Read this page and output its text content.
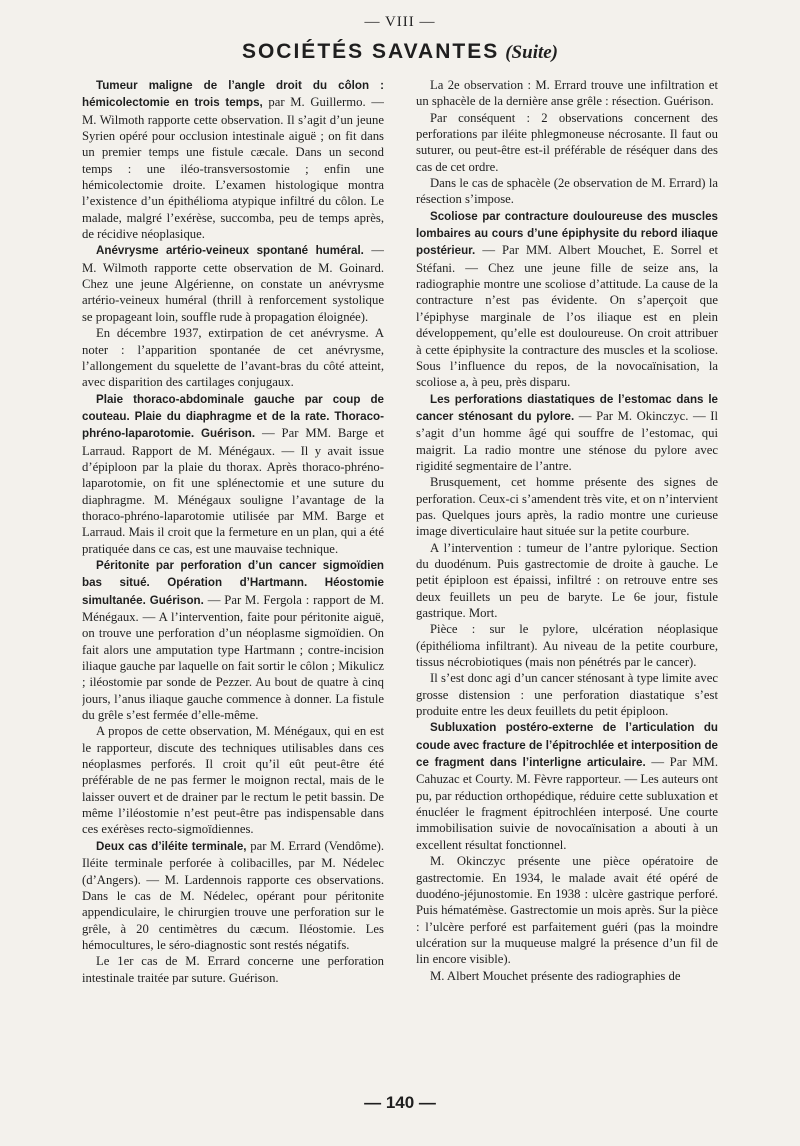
— VIII —
SOCIÉTÉS SAVANTES (Suite)

Tumeur maligne de l’angle droit du côlon : hémicolectomie en trois temps, par M. Guillermo. — M. Wilmoth rapporte cette observation. Il s’agit d’un jeune Syrien opéré pour occlusion intestinale aiguë ; on fit dans un premier temps une fistule cæcale. Dans un second temps : une iléo-transversostomie ; enfin une hémicolectomie droite. L’examen histologique montra l’existence d’un épithélioma atypique infiltré du côlon. Le malade, malgré l’exérèse, succomba, peu de temps après, de récidive néoplasique.

Anévrysme artério-veineux spontané huméral. — M. Wilmoth rapporte cette observation de M. Goinard. Chez une jeune Algérienne, on constate un anévrysme artério-veineux huméral (thrill à renforcement systolique se propageant loin, souffle rude à propagation éloignée).

En décembre 1937, extirpation de cet anévrysme. A noter : l’apparition spontanée de cet anévrysme, l’allongement du squelette de l’avant-bras du côté atteint, avec disparition des cartilages conjugaux.

Plaie thoraco-abdominale gauche par coup de couteau. Plaie du diaphragme et de la rate. Thoraco-phréno-laparotomie. Guérison. — Par MM. Barge et Larraud. Rapport de M. Ménégaux. — Il y avait issue d’épiploon par la plaie du thorax. Après thoraco-phréno-laparotomie, on fit une splénectomie et une suture du diaphragme. M. Ménégaux souligne l’avantage de la thoraco-phréno-laparotomie utilisée par MM. Barge et Larraud. Mais il croit que la fermeture en un plan, qui a été pratiquée dans ce cas, est une mauvaise technique.

Péritonite par perforation d’un cancer sigmoïdien bas situé. Opération d’Hartmann. Héostomie simultanée. Guérison. — Par M. Fergola : rapport de M. Ménégaux. — A l’intervention, faite pour péritonite aiguë, on trouve une perforation d’un néoplasme sigmoïdien. On fait alors une amputation type Hartmann ; contre-incision iliaque gauche par laquelle on fait sortir le côlon ; Mikulicz ; iléostomie par sonde de Pezzer. Au bout de quatre à cinq jours, l’anus iliaque gauche commence à donner. La fistule du grêle s’est fermée d’elle-même.

A propos de cette observation, M. Ménégaux, qui en est le rapporteur, discute des techniques utilisables dans ces néoplasmes perforés. Il croit qu’il eût peut-être été préférable de ne pas fermer le moignon rectal, mais de le laisser ouvert et de drainer par le rectum le petit bassin. De même l’iléostomie n’est peut-être pas indispensable dans ces exérèses recto-sigmoïdiennes.

Deux cas d’iléite terminale, par M. Errard (Vendôme). Iléite terminale perforée à colibacilles, par M. Nédelec (d’Angers). — M. Lardennois rapporte ces observations. Dans le cas de M. Nédelec, opérant pour péritonite appendiculaire, le chirurgien trouve une perforation sur le grêle, à 20 centimètres du cæcum. Iléostomie. Les hémocultures, le séro-diagnostic sont restés négatifs.

Le 1er cas de M. Errard concerne une perforation intestinale traitée par suture. Guérison.

La 2e observation : M. Errard trouve une infiltration et un sphacèle de la dernière anse grêle : résection. Guérison.

Par conséquent : 2 observations concernent des perforations par iléite phlegmoneuse nécrosante. Il faut ou suturer, ou peut-être est-il préférable de réséquer dans des cas de cet ordre.

Dans le cas de sphacèle (2e observation de M. Errard) la résection s’impose.

Scoliose par contracture douloureuse des muscles lombaires au cours d’une épiphysite du rebord iliaque postérieur. — Par MM. Albert Mouchet, E. Sorrel et Stéfani. — Chez une jeune fille de seize ans, la radiographie montre une scoliose d’attitude. La cause de la contracture n’est pas évidente. On s’aperçoit que l’épiphyse marginale de l’os iliaque est en plein développement, qu’elle est douloureuse. On croit attribuer à cette épiphysite la contracture des muscles et la scoliose. Sous l’influence du repos, de la novocaïnisation, la scoliose a, à peu, près disparu.

Les perforations diastatiques de l’estomac dans le cancer sténosant du pylore. — Par M. Okinczyc. — Il s’agit d’un homme âgé qui souffre de l’estomac, qui maigrit. La radio montre une sténose du pylore avec rigidité segmentaire de l’antre.

Brusquement, cet homme présente des signes de perforation. Ceux-ci s’amendent très vite, et on n’intervient pas. Quelques jours après, la radio montre une curieuse image diverticulaire haut située sur la petite courbure.

A l’intervention : tumeur de l’antre pylorique. Section du duodénum. Puis gastrectomie de droite à gauche. Le petit épiploon est épaissi, infiltré : on retrouve entre ses deux feuillets un peu de baryte. Le 6e jour, fistule gastrique. Mort.

Pièce : sur le pylore, ulcération néoplasique (épithélioma infiltrant). Au niveau de la petite courbure, tissus nécrobiotiques (mais non pénétrés par le cancer).

Il s’est donc agi d’un cancer sténosant à type limite avec grosse distension : une perforation diastatique s’est produite entre les deux feuillets du petit épiploon.

Subluxation postéro-externe de l’articulation du coude avec fracture de l’épitrochlée et interposition de ce fragment dans l’interligne articulaire. — Par MM. Cahuzac et Courty. M. Fèvre rapporteur. — Les auteurs ont pu, par réduction orthopédique, réduire cette subluxation et énucléer le fragment épitrochléen interposé. Une courte immobilisation suivie de novocaïnisation a abouti à un excellent résultat fonctionnel.

M. Okinczyc présente une pièce opératoire de gastrectomie. En 1934, le malade avait été opéré de duodéno-jéjunostomie. En 1938 : ulcère gastrique perforé. Puis hématémèse. Gastrectomie un mois après. Sur la pièce : l’ulcère perforé est parfaitement guéri (pas la moindre ulcération sur la muqueuse malgré la présence d’un fil de lin encore visible).

M. Albert Mouchet présente des radiographies de

— 140 —
